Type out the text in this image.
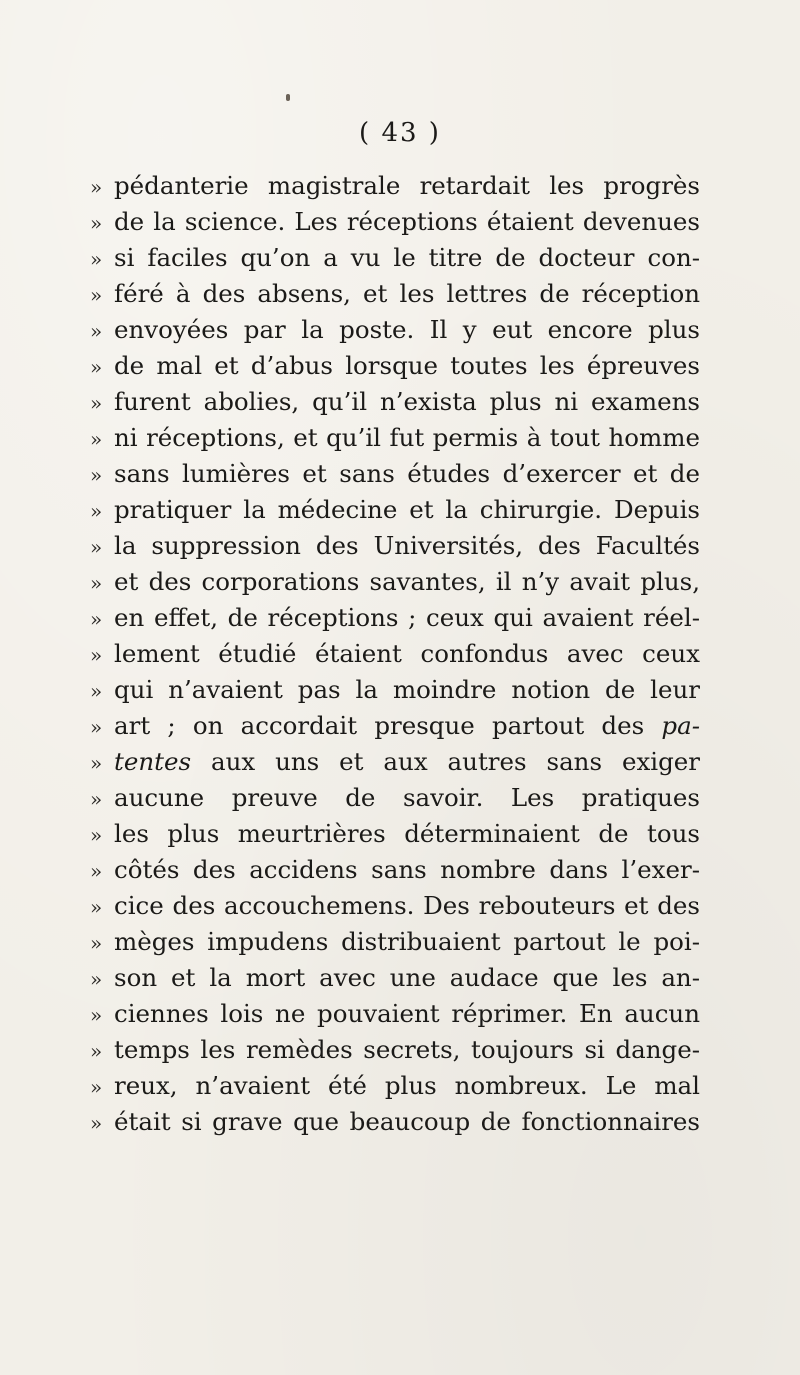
( 43 )
» pédanterie magistrale retardait les progrès
» de la science. Les réceptions étaient devenues
» si faciles qu’on a vu le titre de docteur con-
» féré à des absens, et les lettres de réception
» envoyées par la poste. Il y eut encore plus
» de mal et d’abus lorsque toutes les épreuves
» furent abolies, qu’il n’exista plus ni examens
» ni réceptions, et qu’il fut permis à tout homme
» sans lumières et sans études d’exercer et de
» pratiquer la médecine et la chirurgie. Depuis
» la suppression des Universités, des Facultés
» et des corporations savantes, il n’y avait plus,
» en effet, de réceptions ; ceux qui avaient réel-
» lement étudié étaient confondus avec ceux
» qui n’avaient pas la moindre notion de leur
» art ; on accordait presque partout des pa-
» tentes aux uns et aux autres sans exiger
» aucune preuve de savoir. Les pratiques
» les plus meurtrières déterminaient de tous
» côtés des accidens sans nombre dans l’exer-
» cice des accouchemens. Des rebouteurs et des
» mèges impudens distribuaient partout le poi-
» son et la mort avec une audace que les an-
» ciennes lois ne pouvaient réprimer. En aucun
» temps les remèdes secrets, toujours si dange-
» reux, n’avaient été plus nombreux. Le mal
» était si grave que beaucoup de fonctionnaires
